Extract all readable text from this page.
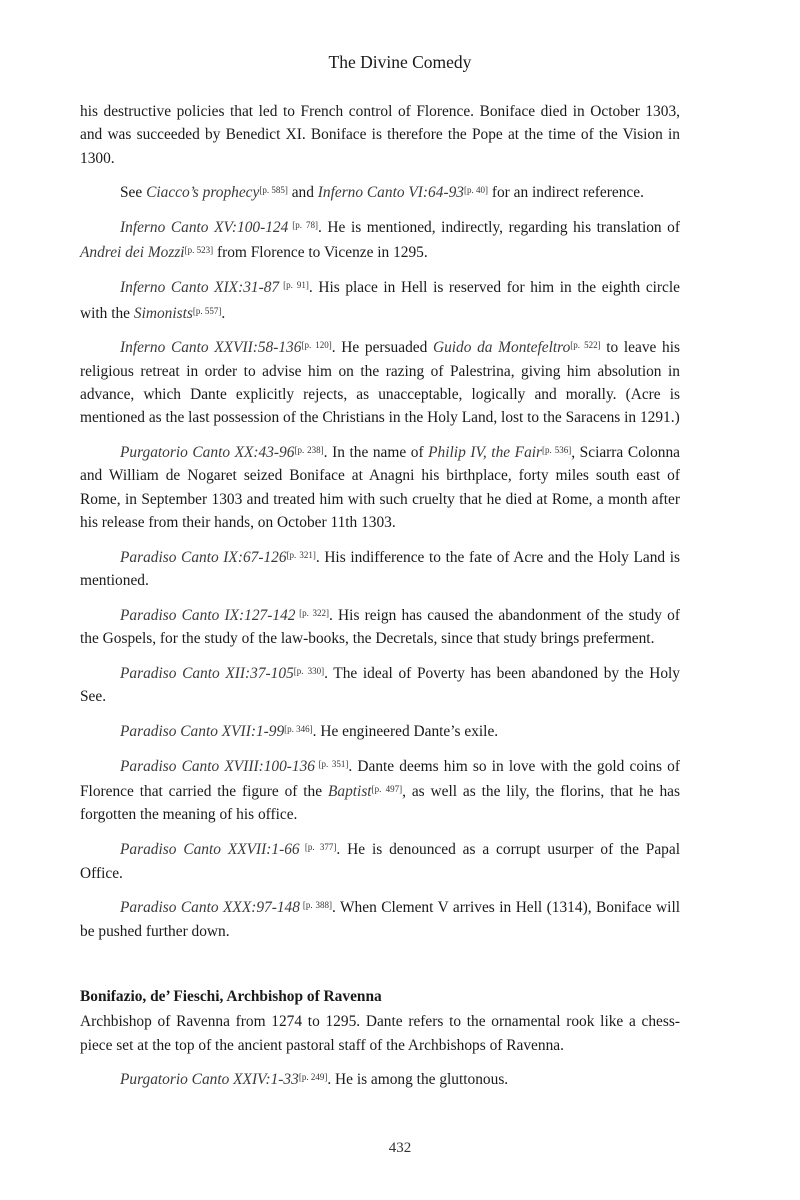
The Divine Comedy

his destructive policies that led to French control of Florence. Boniface died in October 1303, and was succeeded by Benedict XI. Boniface is therefore the Pope at the time of the Vision in 1300.

See Ciacco’s prophecy[p. 585] and Inferno Canto VI:64-93[p. 40] for an indirect reference.

Inferno Canto XV:100-124 [p. 78]. He is mentioned, indirectly, regarding his translation of Andrei dei Mozzi[p. 523] from Florence to Vicenze in 1295.

Inferno Canto XIX:31-87 [p. 91]. His place in Hell is reserved for him in the eighth circle with the Simonists[p. 557].

Inferno Canto XXVII:58-136[p. 120]. He persuaded Guido da Montefeltro[p. 522] to leave his religious retreat in order to advise him on the razing of Palestrina, giving him absolution in advance, which Dante explicitly rejects, as unacceptable, logically and morally. (Acre is mentioned as the last possession of the Christians in the Holy Land, lost to the Saracens in 1291.)

Purgatorio Canto XX:43-96[p. 238]. In the name of Philip IV, the Fair[p. 536], Sciarra Colonna and William de Nogaret seized Boniface at Anagni his birthplace, forty miles south east of Rome, in September 1303 and treated him with such cruelty that he died at Rome, a month after his release from their hands, on October 11th 1303.

Paradiso Canto IX:67-126[p. 321]. His indifference to the fate of Acre and the Holy Land is mentioned.

Paradiso Canto IX:127-142 [p. 322]. His reign has caused the abandonment of the study of the Gospels, for the study of the law-books, the Decretals, since that study brings preferment.

Paradiso Canto XII:37-105[p. 330]. The ideal of Poverty has been abandoned by the Holy See.

Paradiso Canto XVII:1-99[p. 346]. He engineered Dante’s exile.

Paradiso Canto XVIII:100-136 [p. 351]. Dante deems him so in love with the gold coins of Florence that carried the figure of the Baptist[p. 497], as well as the lily, the florins, that he has forgotten the meaning of his office.

Paradiso Canto XXVII:1-66 [p. 377]. He is denounced as a corrupt usurper of the Papal Office.

Paradiso Canto XXX:97-148 [p. 388]. When Clement V arrives in Hell (1314), Boniface will be pushed further down.

Bonifazio, de’ Fieschi, Archbishop of Ravenna

Archbishop of Ravenna from 1274 to 1295. Dante refers to the ornamental rook like a chess-piece set at the top of the ancient pastoral staff of the Archbishops of Ravenna.

Purgatorio Canto XXIV:1-33[p. 249]. He is among the gluttonous.

432
